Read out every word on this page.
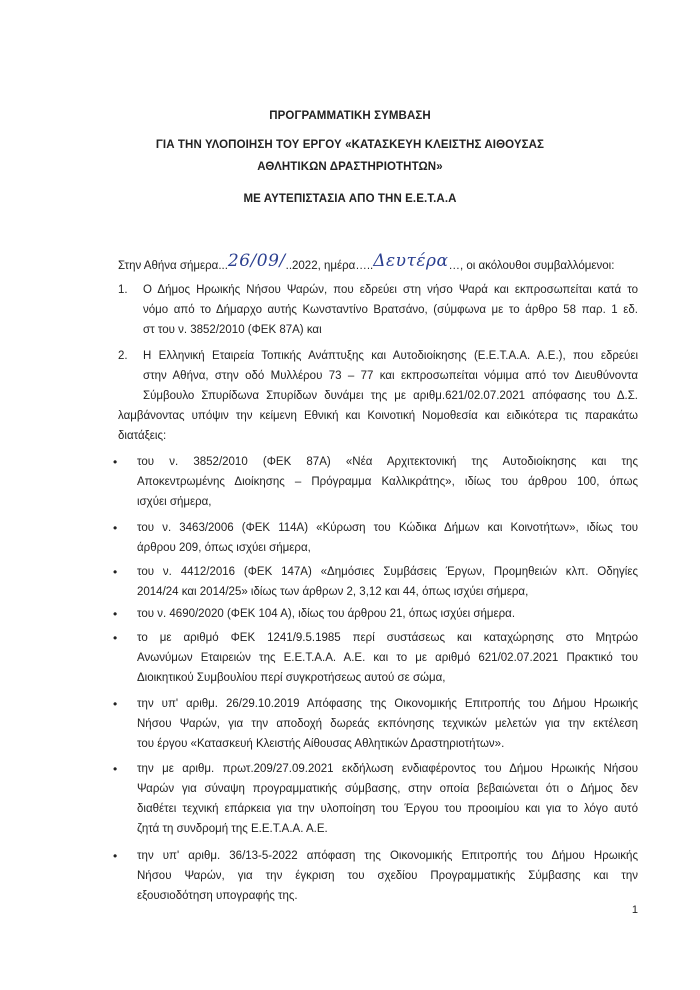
ΠΡΟΓΡΑΜΜΑΤΙΚΗ ΣΥΜΒΑΣΗ
ΓΙΑ ΤΗΝ ΥΛΟΠΟΙΗΣΗ ΤΟΥ ΕΡΓΟΥ «ΚΑΤΑΣΚΕΥΗ ΚΛΕΙΣΤΗΣ ΑΙΘΟΥΣΑΣ
ΑΘΛΗΤΙΚΩΝ ΔΡΑΣΤΗΡΙΟΤΗΤΩΝ»
ΜΕ ΑΥΤΕΠΙΣΤΑΣΙΑ ΑΠΟ ΤΗΝ Ε.Ε.Τ.Α.Α
Στην Αθήνα σήμερα...26/09/..2022, ημέρα…..Δευτέρα…, οι ακόλουθοι συμβαλλόμενοι:
1. Ο Δήμος Ηρωικής Νήσου Ψαρών, που εδρεύει στη νήσο Ψαρά και εκπροσωπείται κατά το
νόμο από το Δήμαρχο αυτής Κωνσταντίνο Βρατσάνο, (σύμφωνα με το άρθρο 58 παρ. 1 εδ.
στ του ν. 3852/2010 (ΦΕΚ 87Α) και
2. Η Ελληνική Εταιρεία Τοπικής Ανάπτυξης και Αυτοδιοίκησης (Ε.Ε.Τ.Α.Α. Α.Ε.), που εδρεύει
στην Αθήνα, στην οδό Μυλλέρου 73 – 77 και εκπροσωπείται νόμιμα από τον Διευθύνοντα
Σύμβουλο Σπυρίδωνα Σπυρίδων δυνάμει της με αριθμ.621/02.07.2021 απόφασης του Δ.Σ.
λαμβάνοντας υπόψιν την κείμενη Εθνική και Κοινοτική Νομοθεσία και ειδικότερα τις παρακάτω
διατάξεις:
• του ν. 3852/2010 (ΦΕΚ 87Α) «Νέα Αρχιτεκτονική της Αυτοδιοίκησης και της
Αποκεντρωμένης Διοίκησης – Πρόγραμμα Καλλικράτης», ιδίως του άρθρου 100, όπως
ισχύει σήμερα,
• του ν. 3463/2006 (ΦΕΚ 114Α) «Κύρωση του Κώδικα Δήμων και Κοινοτήτων», ιδίως του
άρθρου 209, όπως ισχύει σήμερα,
• του ν. 4412/2016 (ΦΕΚ 147Α) «Δημόσιες Συμβάσεις Έργων, Προμηθειών κλπ. Οδηγίες
2014/24 και 2014/25» ιδίως των άρθρων 2, 3,12 και 44, όπως ισχύει σήμερα,
• του ν. 4690/2020 (ΦΕΚ 104 Α), ιδίως του άρθρου 21, όπως ισχύει σήμερα.
• το με αριθμό ΦΕΚ 1241/9.5.1985 περί συστάσεως και καταχώρησης στο Μητρώο
Ανωνύμων Εταιρειών της Ε.Ε.Τ.Α.Α. Α.Ε. και το με αριθμό 621/02.07.2021 Πρακτικό του
Διοικητικού Συμβουλίου περί συγκροτήσεως αυτού σε σώμα,
• την υπ' αριθμ. 26/29.10.2019 Απόφασης της Οικονομικής Επιτροπής του Δήμου Ηρωικής
Νήσου Ψαρών, για την αποδοχή δωρεάς εκπόνησης τεχνικών μελετών για την εκτέλεση
του έργου «Κατασκευή Κλειστής Αίθουσας Αθλητικών Δραστηριοτήτων».
• την με αριθμ. πρωτ.209/27.09.2021 εκδήλωση ενδιαφέροντος του Δήμου Ηρωικής Νήσου
Ψαρών για σύναψη προγραμματικής σύμβασης, στην οποία βεβαιώνεται ότι ο Δήμος δεν
διαθέτει τεχνική επάρκεια για την υλοποίηση του Έργου του προοιμίου και για το λόγο αυτό
ζητά τη συνδρομή της Ε.Ε.Τ.Α.Α. Α.Ε.
• την υπ' αριθμ. 36/13-5-2022 απόφαση της Οικονομικής Επιτροπής του Δήμου Ηρωικής
Νήσου Ψαρών, για την έγκριση του σχεδίου Προγραμματικής Σύμβασης και την
εξουσιοδότηση υπογραφής της.
1
